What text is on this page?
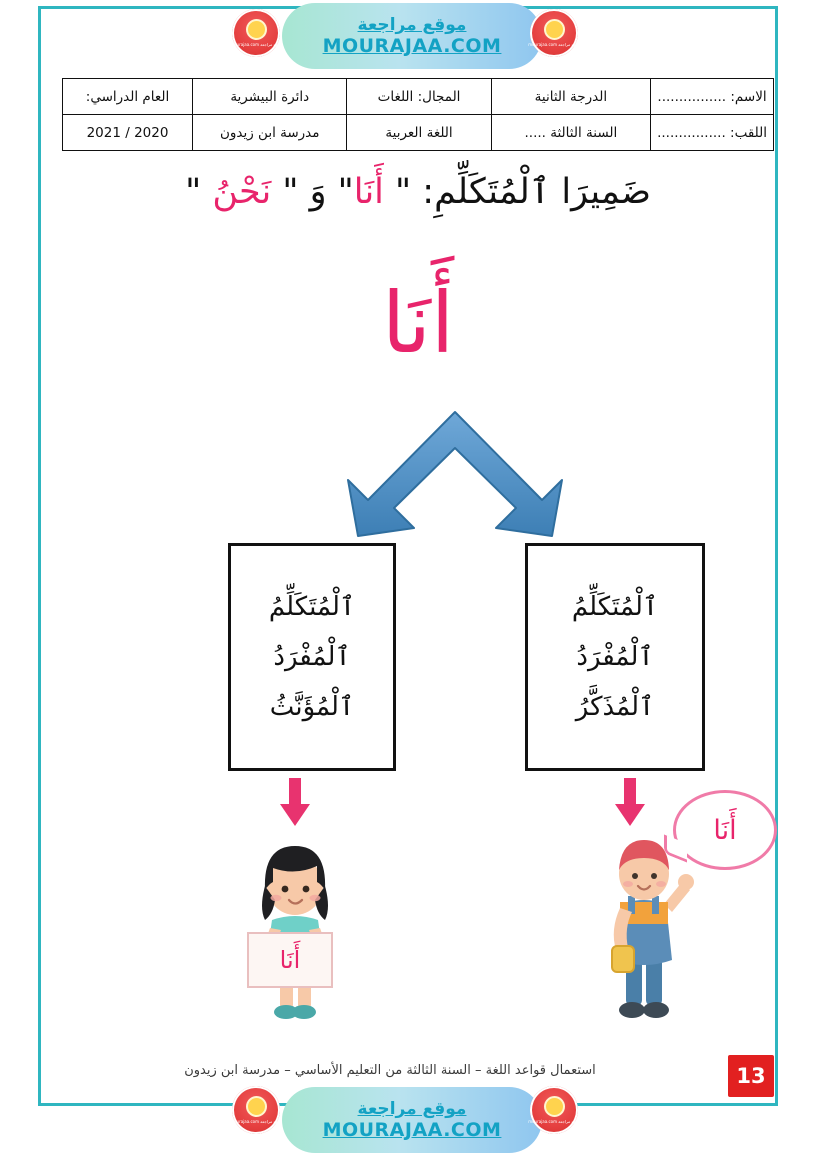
الاسم: ................	الدرجة الثانية	المجال: اللغات	دائرة البيشرية	العام الدراسي:
اللقب: ................	السنة الثالثة .....	اللغة العربية	مدرسة ابن زيدون	2020 / 2021
ضَمِيرَا ٱلْمُتَكَلِّمِ: " أَنَا" وَ " نَحْنُ "
أَنَا
ٱلْمُتَكَلِّمُ
ٱلْمُفْرَدُ
ٱلْمُذَكَّرُ
ٱلْمُتَكَلِّمُ
ٱلْمُفْرَدُ
ٱلْمُؤَنَّثُ
أَنَا
أَنَا
استعمال قواعد اللغة – السنة الثالثة من التعليم الأساسي – مدرسة ابن زيدون	13
موقع مراجعة
MOURAJAA.COM
موقع مراجعة mourajaa.com	موقع مراجعة mourajaa.com
موقع مراجعة
MOURAJAA.COM
موقع مراجعة mourajaa.com	موقع مراجعة mourajaa.com
